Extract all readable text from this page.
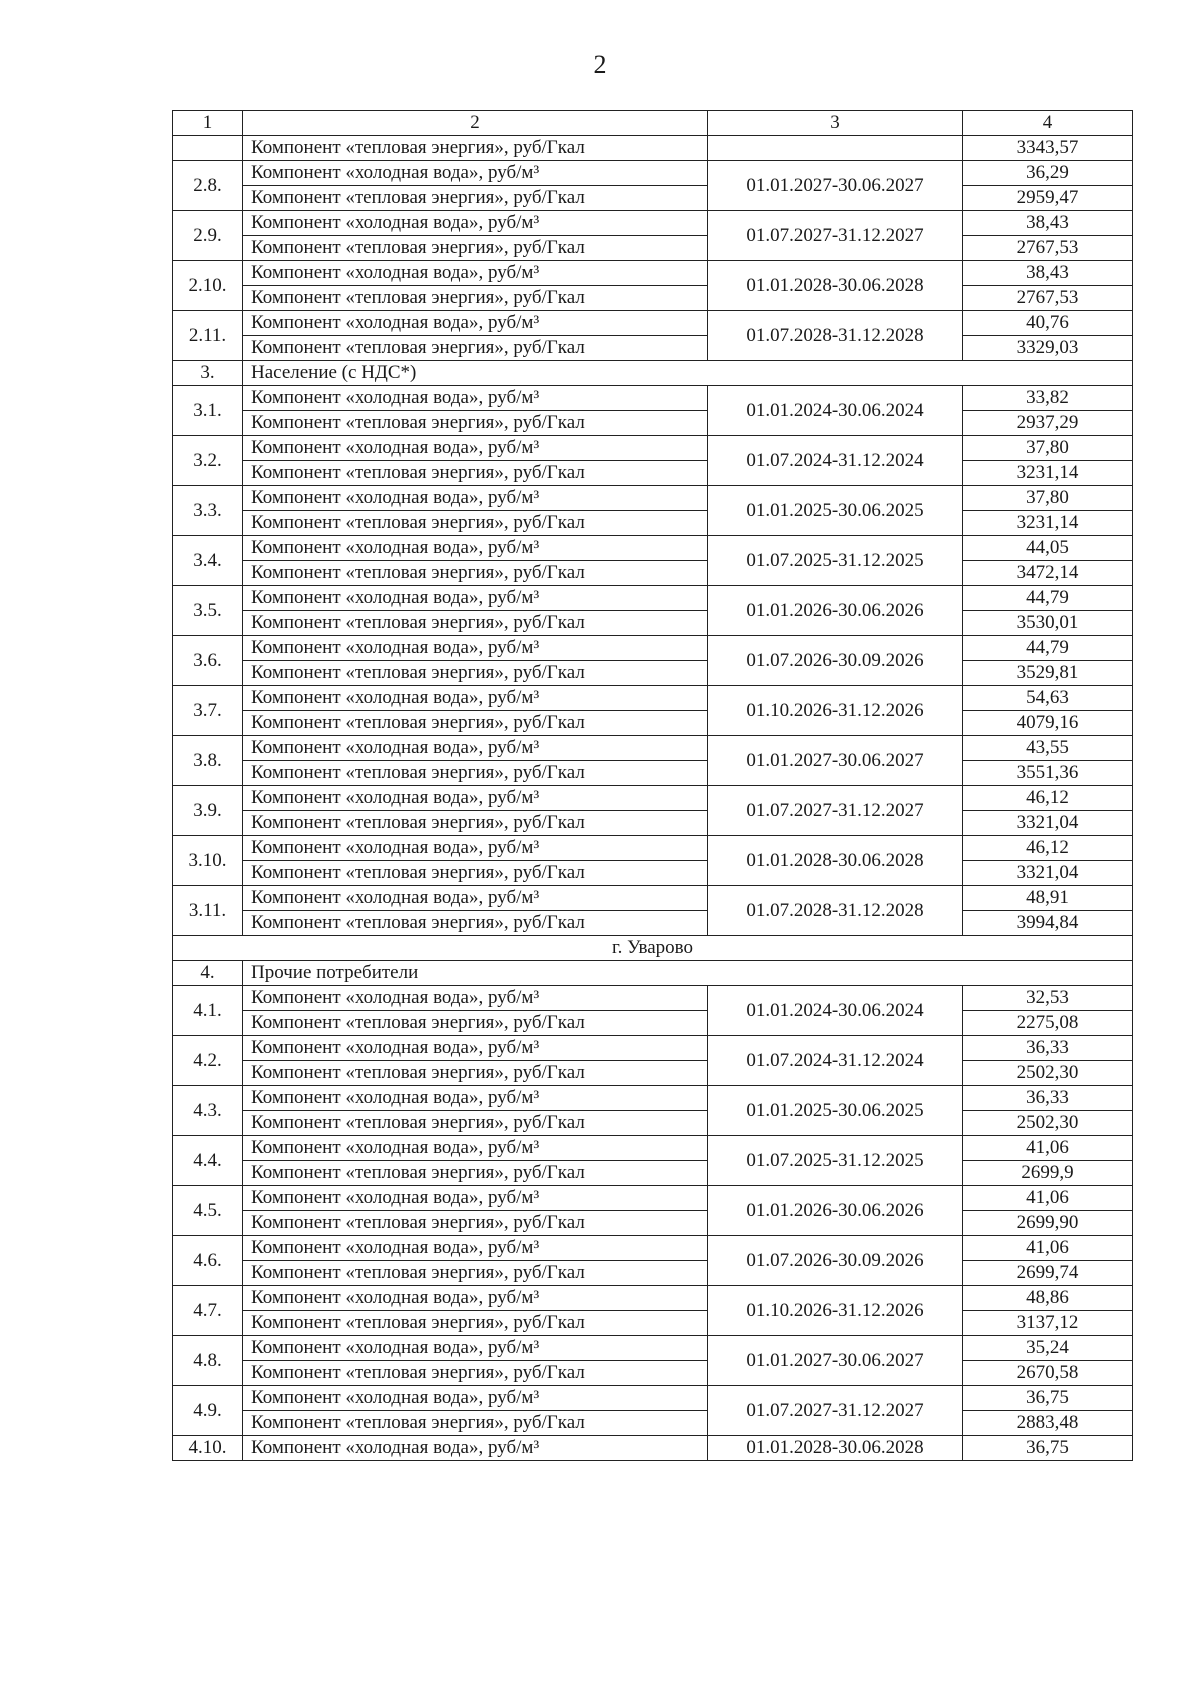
2
1	2	3	4
	Компонент «тепловая энергия», руб/Гкал		3343,57
2.8.	Компонент «холодная вода», руб/м³	01.01.2027-30.06.2027	36,29
	Компонент «тепловая энергия», руб/Гкал		2959,47
2.9.	Компонент «холодная вода», руб/м³	01.07.2027-31.12.2027	38,43
	Компонент «тепловая энергия», руб/Гкал		2767,53
2.10.	Компонент «холодная вода», руб/м³	01.01.2028-30.06.2028	38,43
	Компонент «тепловая энергия», руб/Гкал		2767,53
2.11.	Компонент «холодная вода», руб/м³	01.07.2028-31.12.2028	40,76
	Компонент «тепловая энергия», руб/Гкал		3329,03
3.	Население (с НДС*)		
3.1.	Компонент «холодная вода», руб/м³	01.01.2024-30.06.2024	33,82
	Компонент «тепловая энергия», руб/Гкал		2937,29
3.2.	Компонент «холодная вода», руб/м³	01.07.2024-31.12.2024	37,80
	Компонент «тепловая энергия», руб/Гкал		3231,14
3.3.	Компонент «холодная вода», руб/м³	01.01.2025-30.06.2025	37,80
	Компонент «тепловая энергия», руб/Гкал		3231,14
3.4.	Компонент «холодная вода», руб/м³	01.07.2025-31.12.2025	44,05
	Компонент «тепловая энергия», руб/Гкал		3472,14
3.5.	Компонент «холодная вода», руб/м³	01.01.2026-30.06.2026	44,79
	Компонент «тепловая энергия», руб/Гкал		3530,01
3.6.	Компонент «холодная вода», руб/м³	01.07.2026-30.09.2026	44,79
	Компонент «тепловая энергия», руб/Гкал		3529,81
3.7.	Компонент «холодная вода», руб/м³	01.10.2026-31.12.2026	54,63
	Компонент «тепловая энергия», руб/Гкал		4079,16
3.8.	Компонент «холодная вода», руб/м³	01.01.2027-30.06.2027	43,55
	Компонент «тепловая энергия», руб/Гкал		3551,36
3.9.	Компонент «холодная вода», руб/м³	01.07.2027-31.12.2027	46,12
	Компонент «тепловая энергия», руб/Гкал		3321,04
3.10.	Компонент «холодная вода», руб/м³	01.01.2028-30.06.2028	46,12
	Компонент «тепловая энергия», руб/Гкал		3321,04
3.11.	Компонент «холодная вода», руб/м³	01.07.2028-31.12.2028	48,91
	Компонент «тепловая энергия», руб/Гкал		3994,84
г. Уварово			
4.	Прочие потребители		
4.1.	Компонент «холодная вода», руб/м³	01.01.2024-30.06.2024	32,53
	Компонент «тепловая энергия», руб/Гкал		2275,08
4.2.	Компонент «холодная вода», руб/м³	01.07.2024-31.12.2024	36,33
	Компонент «тепловая энергия», руб/Гкал		2502,30
4.3.	Компонент «холодная вода», руб/м³	01.01.2025-30.06.2025	36,33
	Компонент «тепловая энергия», руб/Гкал		2502,30
4.4.	Компонент «холодная вода», руб/м³	01.07.2025-31.12.2025	41,06
	Компонент «тепловая энергия», руб/Гкал		2699,9
4.5.	Компонент «холодная вода», руб/м³	01.01.2026-30.06.2026	41,06
	Компонент «тепловая энергия», руб/Гкал		2699,90
4.6.	Компонент «холодная вода», руб/м³	01.07.2026-30.09.2026	41,06
	Компонент «тепловая энергия», руб/Гкал		2699,74
4.7.	Компонент «холодная вода», руб/м³	01.10.2026-31.12.2026	48,86
	Компонент «тепловая энергия», руб/Гкал		3137,12
4.8.	Компонент «холодная вода», руб/м³	01.01.2027-30.06.2027	35,24
	Компонент «тепловая энергия», руб/Гкал		2670,58
4.9.	Компонент «холодная вода», руб/м³	01.07.2027-31.12.2027	36,75
	Компонент «тепловая энергия», руб/Гкал		2883,48
4.10.	Компонент «холодная вода», руб/м³	01.01.2028-30.06.2028	36,75
